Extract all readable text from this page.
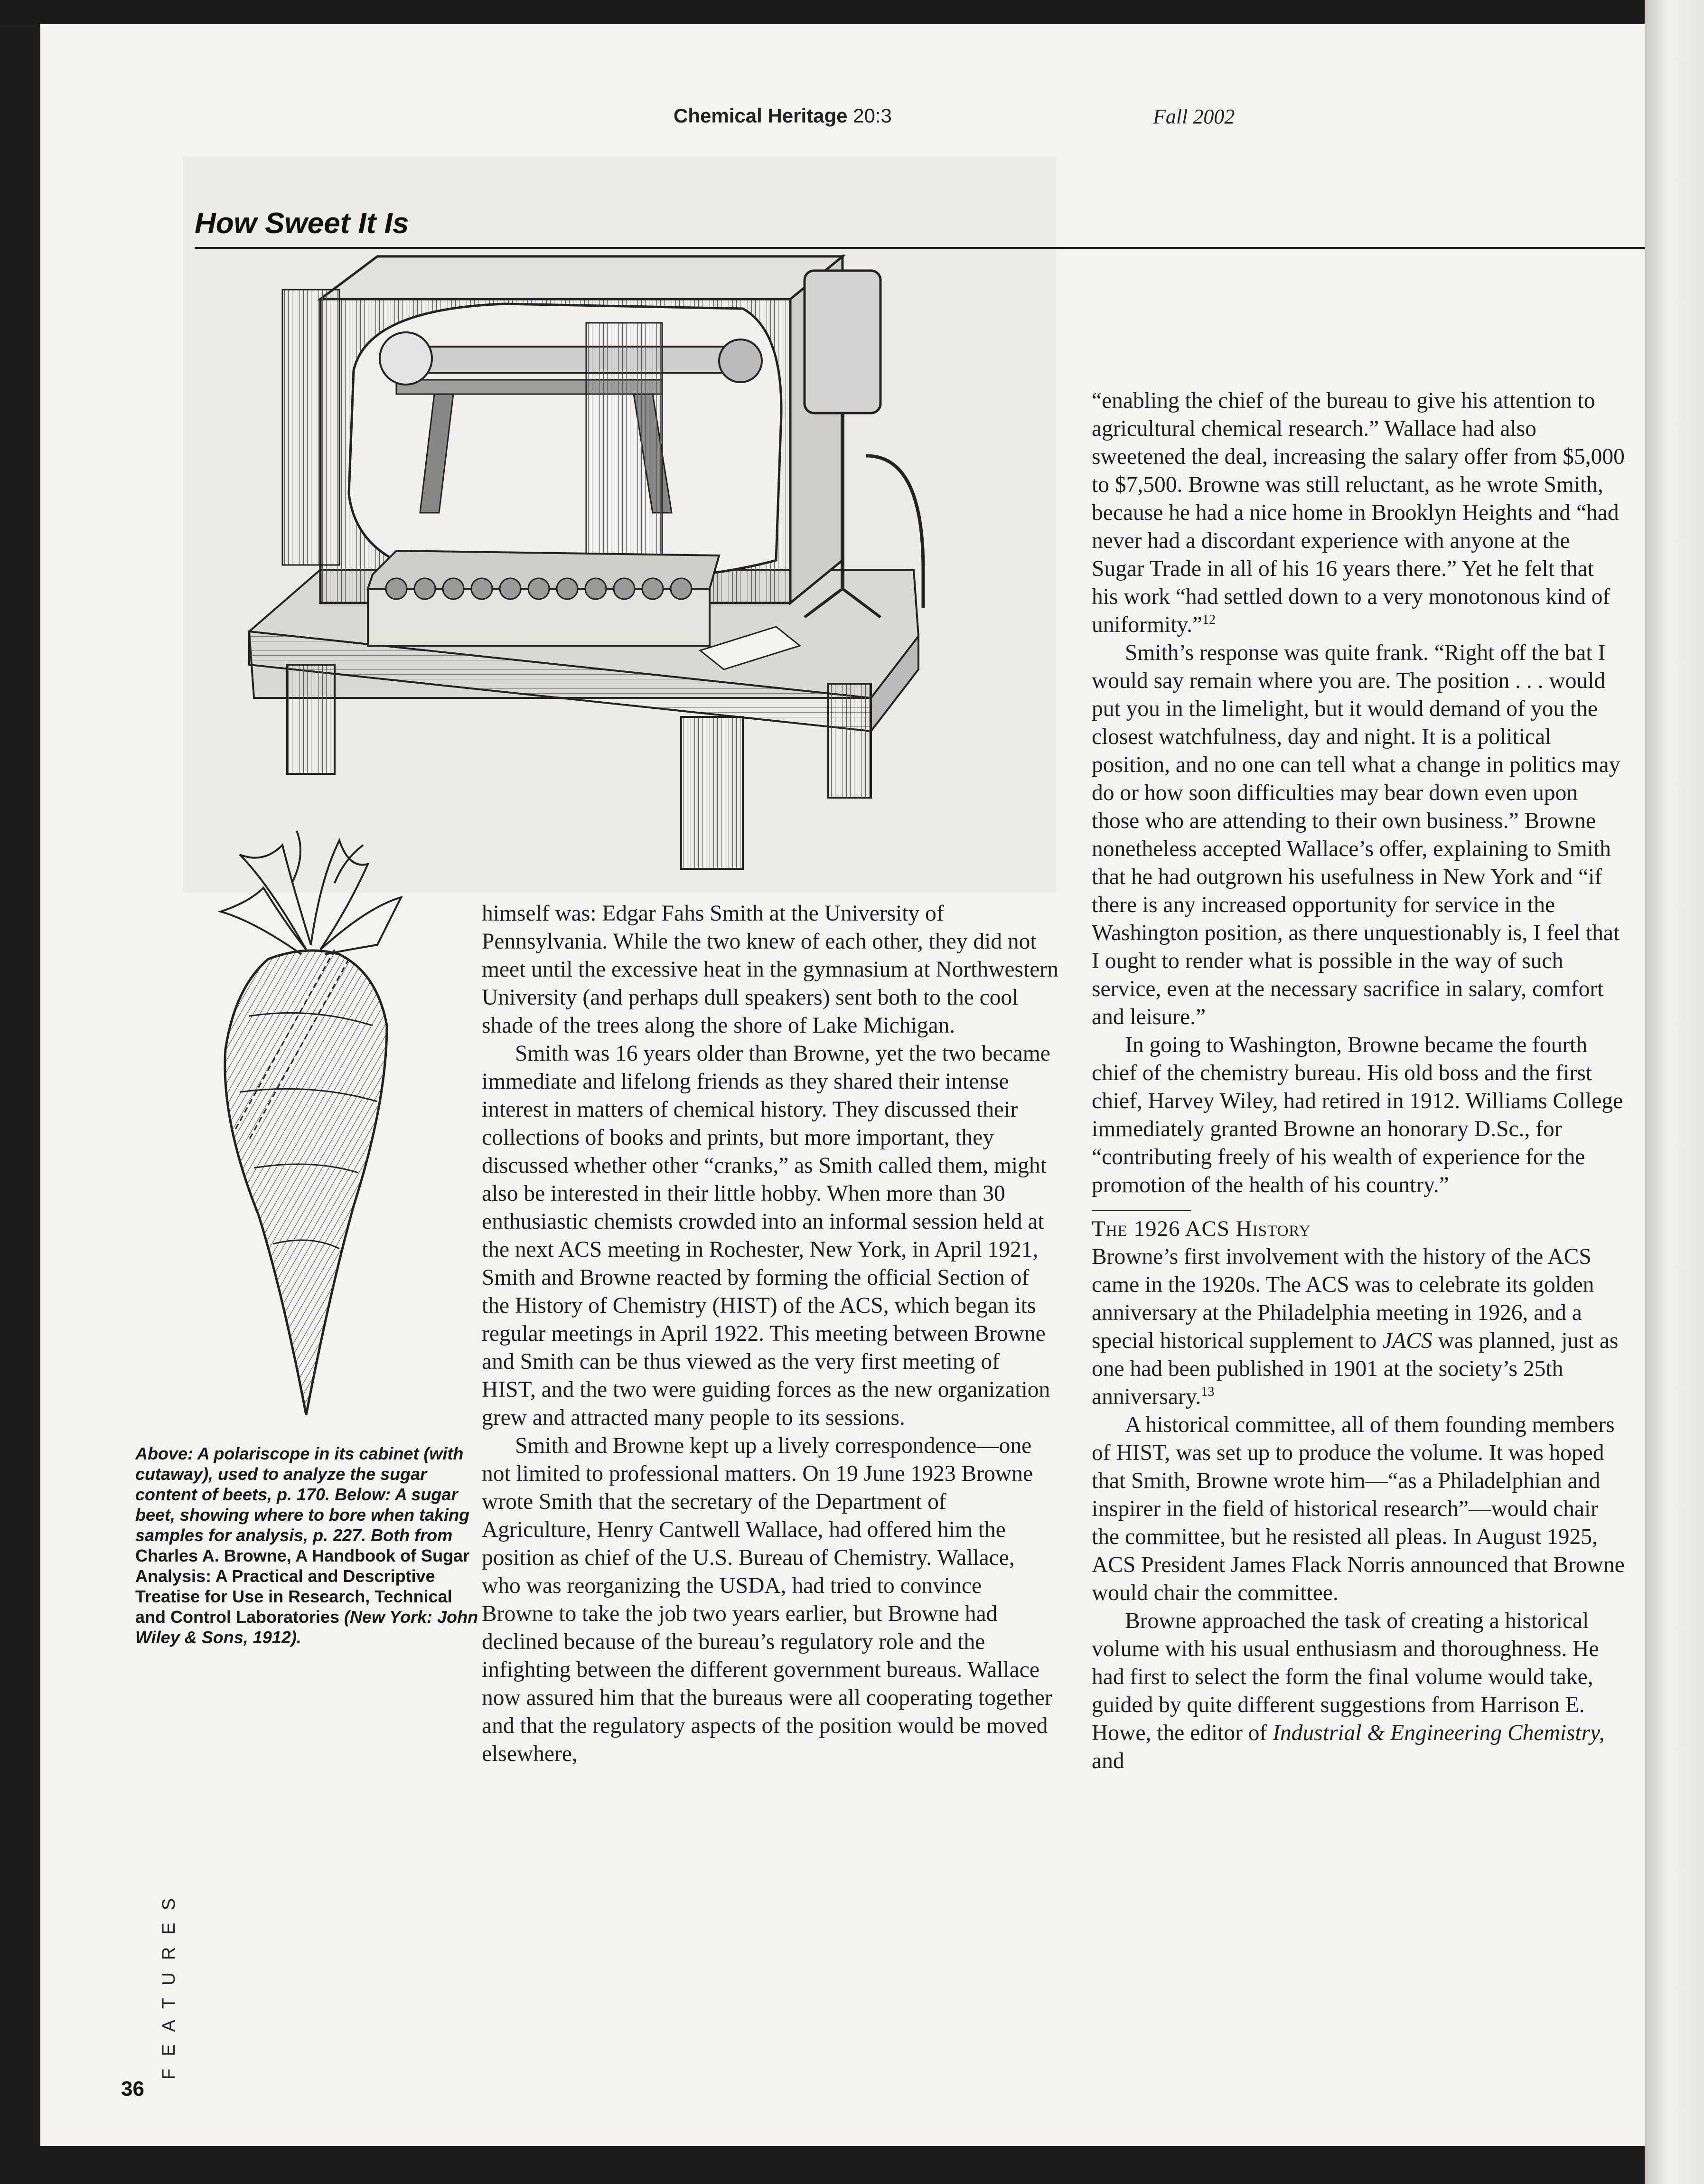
Chemical Heritage 20:3	Fall 2002
How Sweet It Is
Above: A polariscope in its cabinet (with cutaway), used to analyze the sugar content of beets, p. 170. Below: A sugar beet, showing where to bore when taking samples for analysis, p. 227. Both from Charles A. Browne, A Handbook of Sugar Analysis: A Practical and Descriptive Treatise for Use in Research, Technical and Control Laboratories (New York: John Wiley & Sons, 1912).

himself was: Edgar Fahs Smith at the University of Pennsylvania. While the two knew of each other, they did not meet until the excessive heat in the gymnasium at Northwestern University (and perhaps dull speakers) sent both to the cool shade of the trees along the shore of Lake Michigan.

Smith was 16 years older than Browne, yet the two became immediate and lifelong friends as they shared their intense interest in matters of chemical history. They discussed their collections of books and prints, but more important, they discussed whether other “cranks,” as Smith called them, might also be interested in their little hobby. When more than 30 enthusiastic chemists crowded into an informal session held at the next ACS meeting in Rochester, New York, in April 1921, Smith and Browne reacted by forming the official Section of the History of Chemistry (HIST) of the ACS, which began its regular meetings in April 1922. This meeting between Browne and Smith can be thus viewed as the very first meeting of HIST, and the two were guiding forces as the new organization grew and attracted many people to its sessions.

Smith and Browne kept up a lively correspondence—one not limited to professional matters. On 19 June 1923 Browne wrote Smith that the secretary of the Department of Agriculture, Henry Cantwell Wallace, had offered him the position as chief of the U.S. Bureau of Chemistry. Wallace, who was reorganizing the USDA, had tried to convince Browne to take the job two years earlier, but Browne had declined because of the bureau’s regulatory role and the infighting between the different government bureaus. Wallace now assured him that the bureaus were all cooperating together and that the regulatory aspects of the position would be moved elsewhere,

“enabling the chief of the bureau to give his attention to agricultural chemical research.” Wallace had also sweetened the deal, increasing the salary offer from $5,000 to $7,500. Browne was still reluctant, as he wrote Smith, because he had a nice home in Brooklyn Heights and “had never had a discordant experience with anyone at the Sugar Trade in all of his 16 years there.” Yet he felt that his work “had settled down to a very monotonous kind of uniformity.”$^{12}$

Smith’s response was quite frank. “Right off the bat I would say remain where you are. The position . . . would put you in the limelight, but it would demand of you the closest watchfulness, day and night. It is a political position, and no one can tell what a change in politics may do or how soon difficulties may bear down even upon those who are attending to their own business.” Browne nonetheless accepted Wallace’s offer, explaining to Smith that he had outgrown his usefulness in New York and “if there is any increased opportunity for service in the Washington position, as there unquestionably is, I feel that I ought to render what is possible in the way of such service, even at the necessary sacrifice in salary, comfort and leisure.”

In going to Washington, Browne became the fourth chief of the chemistry bureau. His old boss and the first chief, Harvey Wiley, had retired in 1912. Williams College immediately granted Browne an honorary D.Sc., for “contributing freely of his wealth of experience for the promotion of the health of his country.”

The 1926 ACS History

Browne’s first involvement with the history of the ACS came in the 1920s. The ACS was to celebrate its golden anniversary at the Philadelphia meeting in 1926, and a special historical supplement to JACS was planned, just as one had been published in 1901 at the society’s 25th anniversary.$^{13}$

A historical committee, all of them founding members of HIST, was set up to produce the volume. It was hoped that Smith, Browne wrote him—“as a Philadelphian and inspirer in the field of historical research”—would chair the committee, but he resisted all pleas. In August 1925, ACS President James Flack Norris announced that Browne would chair the committee.

Browne approached the task of creating a historical volume with his usual enthusiasm and thoroughness. He had first to select the form the final volume would take, guided by quite different suggestions from Harrison E. Howe, the editor of Industrial & Engineering Chemistry, and

FEATURES
36
